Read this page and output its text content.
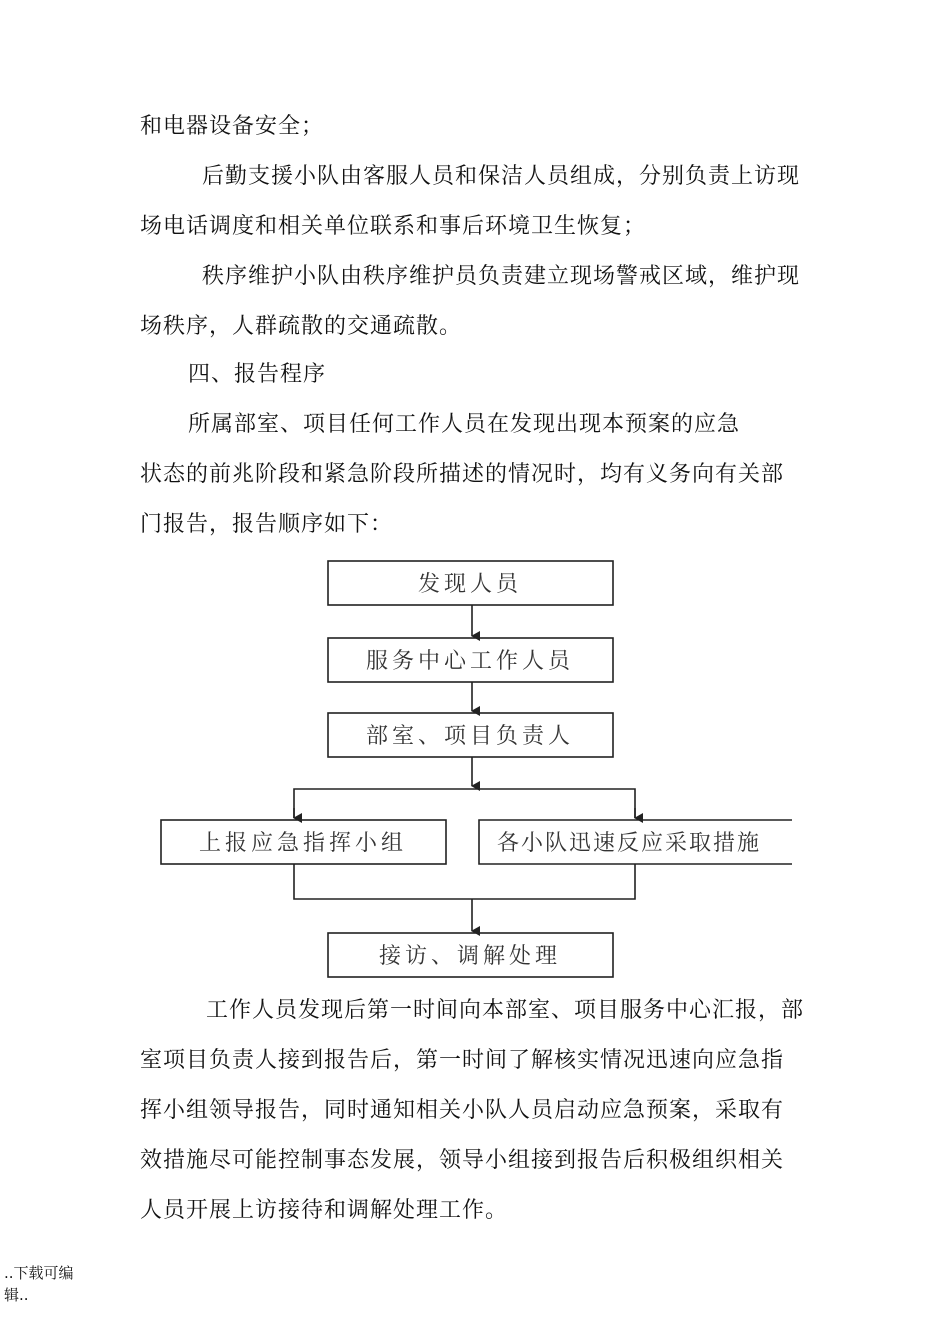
和电器设备安全；
后勤支援小队由客服人员和保洁人员组成，分别负责上访现
场电话调度和相关单位联系和事后环境卫生恢复；
秩序维护小队由秩序维护员负责建立现场警戒区域，维护现
场秩序，人群疏散的交通疏散。
四、报告程序
所属部室、项目任何工作人员在发现出现本预案的应急
状态的前兆阶段和紧急阶段所描述的情况时，均有义务向有关部
门报告，报告顺序如下：
发现人员
服务中心工作人员
部室、项目负责人
上报应急指挥小组	各小队迅速反应采取措施
接访、调解处理
工作人员发现后第一时间向本部室、项目服务中心汇报，部
室项目负责人接到报告后，第一时间了解核实情况迅速向应急指
挥小组领导报告，同时通知相关小队人员启动应急预案，采取有
效措施尽可能控制事态发展，领导小组接到报告后积极组织相关
人员开展上访接待和调解处理工作。
..下载可编
辑..
